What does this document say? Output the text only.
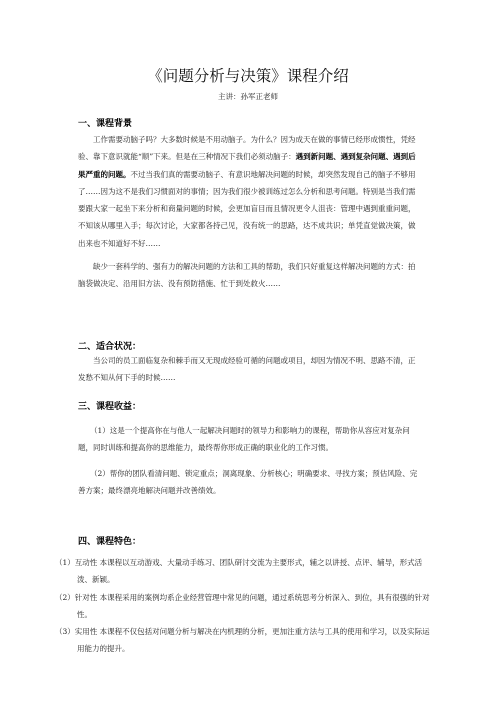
《问题分析与决策》课程介绍
主讲：孙军正老师
一、课程背景

工作需要动脑子吗？大多数时候是不用动脑子。为什么？因为成天在做的事情已经形成惯性，凭经验、靠下意识就能“顺”下来。但是在三种情况下我们必须动脑子：遇到新问题、遇到复杂问题、遇到后果严重的问题。不过当我们真的需要动脑子、有意识地解决问题的时候，却突然发现自己的脑子不够用了……因为这不是我们习惯面对的事情；因为我们很少被训练过怎么分析和思考问题。特别是当我们需要跟大家一起坐下来分析和商量问题的时候，会更加盲目而且情况更令人沮丧：管理中遇到重重问题，不知该从哪里入手；每次讨论，大家都各持己见，没有统一的思路，达不成共识；单凭直觉做决策，做出来也不知道好不好……

缺少一套科学的、强有力的解决问题的方法和工具的帮助，我们只好重复这样解决问题的方式：拍脑袋做决定、沿用旧方法、没有预防措施、忙于到处救火……

二、适合状况：

当公司的员工面临复杂和棘手而又无现成经验可循的问题或项目，却因为情况不明、思路不清，正发愁不知从何下手的时候……

三、课程收益：

（1）这是一个提高你在与他人一起解决问题时的领导力和影响力的课程，帮助你从容应对复杂问题，同时训练和提高你的思维能力，最终帮你形成正确的职业化的工作习惯。

（2）帮你的团队看清问题、锁定重点；洞离现象、分析核心；明确要求、寻找方案；预估风险、完善方案；最终漂亮地解决问题并改善绩效。

四、课程特色：
（1）互动性 本课程以互动游戏、大量动手练习、团队研讨交流为主要形式，辅之以讲授、点评、辅导，形式活泼、新颖。
（2）针对性 本课程采用的案例均系企业经营管理中常见的问题，通过系统思考分析深入、到位，具有很强的针对性。
（3）实用性 本课程不仅包括对问题分析与解决在内机理的分析，更加注重方法与工具的使用和学习，以及实际运用能力的提升。
